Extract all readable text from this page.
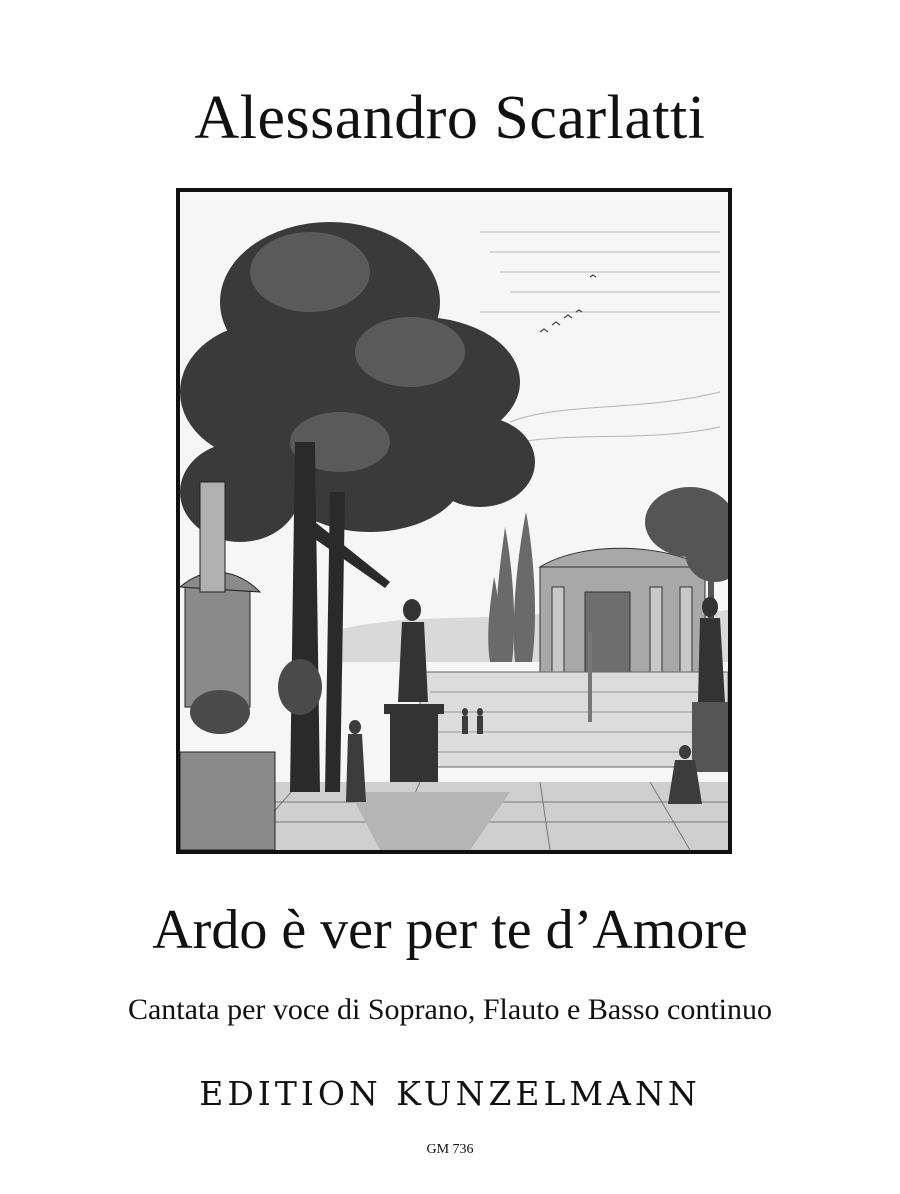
Alessandro Scarlatti
Ardo è ver per te d’Amore
Cantata per voce di Soprano, Flauto e Basso continuo
EDITION KUNZELMANN
GM 736
